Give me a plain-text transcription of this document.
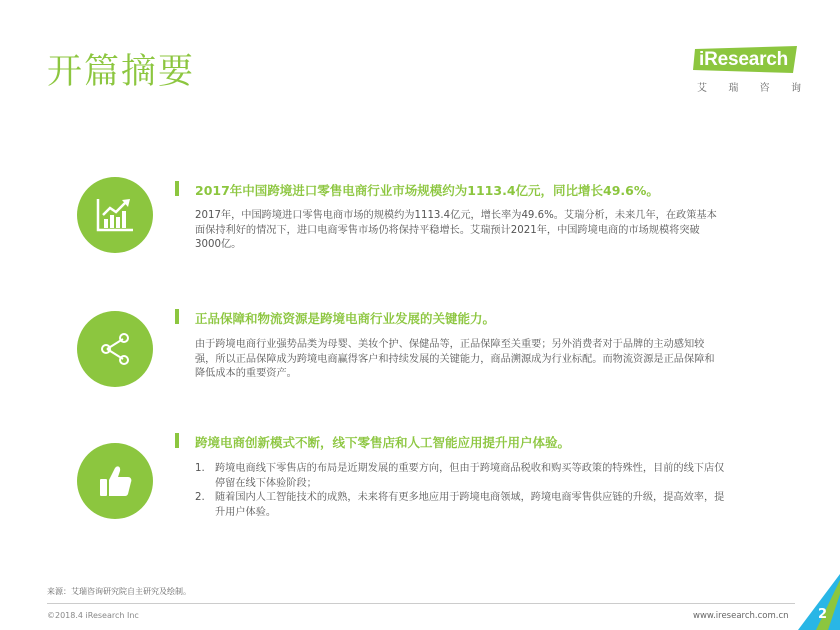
开篇摘要	iResearch
艾 瑞 咨 询
2017年中国跨境进口零售电商行业市场规模约为1113.4亿元，同比增长49.6%。

2017年，中国跨境进口零售电商市场的规模约为1113.4亿元，增长率为49.6%。艾瑞分析，未来几年，在政策基本面保持利好的情况下，进口电商零售市场仍将保持平稳增长。艾瑞预计2021年，中国跨境电商的市场规模将突破3000亿。

正品保障和物流资源是跨境电商行业发展的关键能力。

由于跨境电商行业强势品类为母婴、美妆个护、保健品等，正品保障至关重要；另外消费者对于品牌的主动感知较强，所以正品保障成为跨境电商赢得客户和持续发展的关键能力，商品溯源成为行业标配。而物流资源是正品保障和降低成本的重要资产。

跨境电商创新模式不断，线下零售店和人工智能应用提升用户体验。
1.	跨境电商线下零售店的布局是近期发展的重要方向，但由于跨境商品税收和购买等政策的特殊性，目前的线下店仅停留在线下体验阶段；
2.	随着国内人工智能技术的成熟，未来将有更多地应用于跨境电商领域，跨境电商零售供应链的升级，提高效率，提升用户体验。
来源：艾瑞咨询研究院自主研究及绘制。
©2018.4 iResearch Inc	www.iresearch.com.cn 2
